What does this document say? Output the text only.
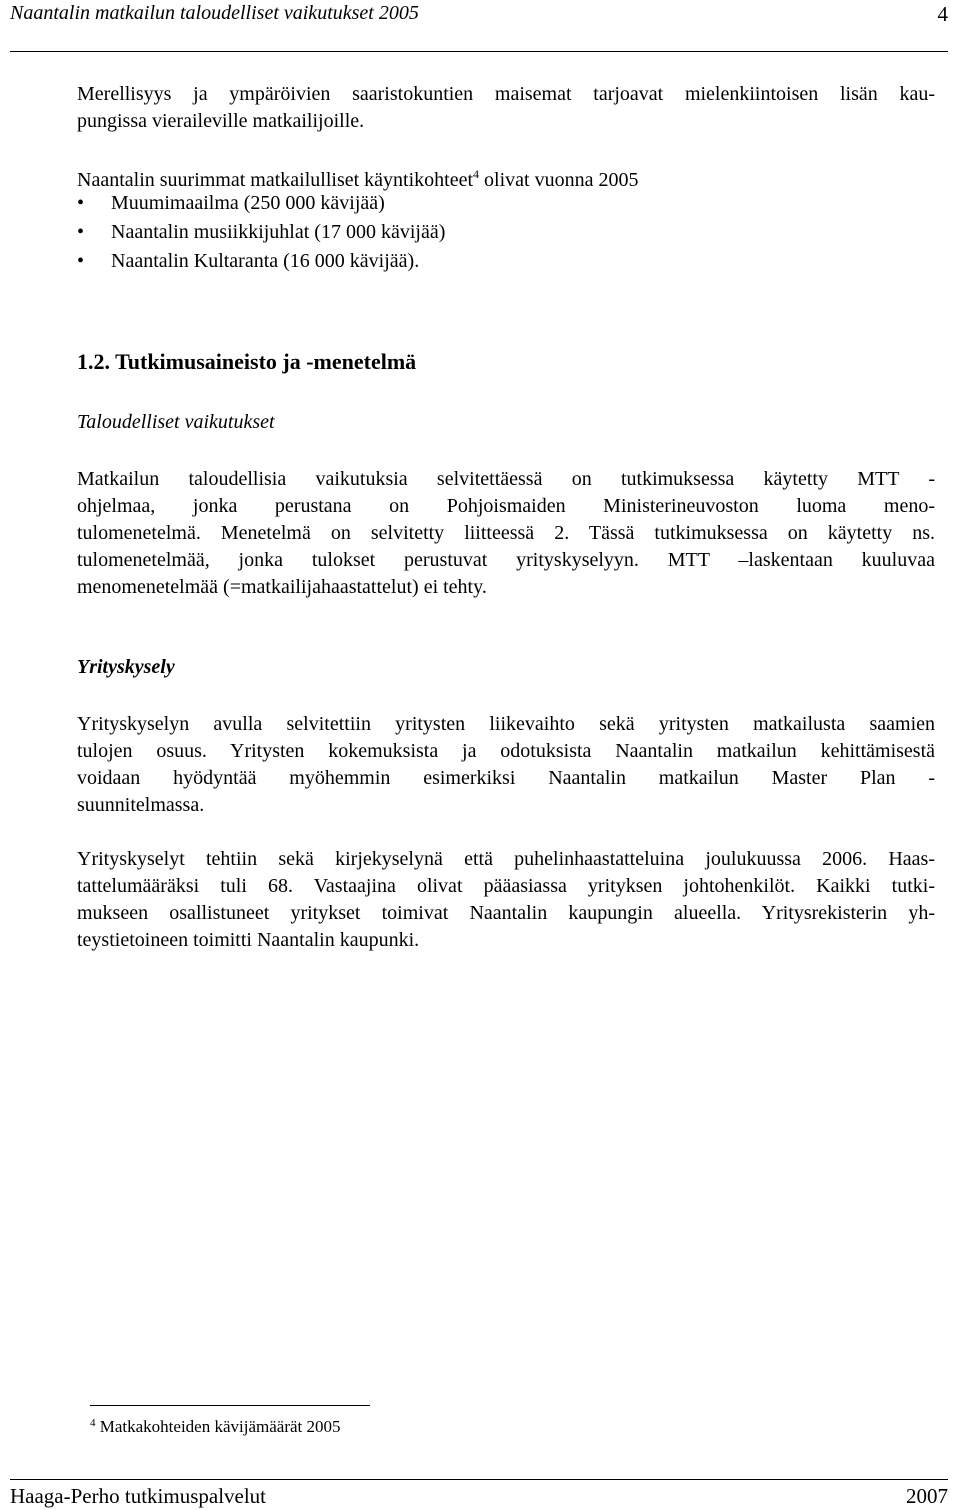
Naantalin matkailun taloudelliset vaikutukset 2005	4
Merellisyys ja ympäröivien saaristokuntien maisemat tarjoavat mielenkiintoisen lisän kau-
pungissa vieraileville matkailijoille.
Naantalin suurimmat matkailulliset käyntikohteet$^4$ olivat vuonna 2005
• Muumimaailma (250 000 kävijää)
• Naantalin musiikkijuhlat (17 000 kävijää)
• Naantalin Kultaranta (16 000 kävijää).
1.2. Tutkimusaineisto ja -menetelmä
Taloudelliset vaikutukset
Matkailun taloudellisia vaikutuksia selvitettäessä on tutkimuksessa käytetty MTT -
ohjelmaa, jonka perustana on Pohjoismaiden Ministerineuvoston luoma meno-
tulomenetelmä. Menetelmä on selvitetty liitteessä 2. Tässä tutkimuksessa on käytetty ns.
tulomenetelmää, jonka tulokset perustuvat yrityskyselyyn. MTT –laskentaan kuuluvaa
menomenetelmää (=matkailijahaastattelut) ei tehty.
Yrityskysely
Yrityskyselyn avulla selvitettiin yritysten liikevaihto sekä yritysten matkailusta saamien
tulojen osuus. Yritysten kokemuksista ja odotuksista Naantalin matkailun kehittämisestä
voidaan hyödyntää myöhemmin esimerkiksi Naantalin matkailun Master Plan -
suunnitelmassa.
Yrityskyselyt tehtiin sekä kirjekyselynä että puhelinhaastatteluina joulukuussa 2006. Haas-
tattelumääräksi tuli 68. Vastaajina olivat pääasiassa yrityksen johtohenkilöt. Kaikki tutki-
mukseen osallistuneet yritykset toimivat Naantalin kaupungin alueella. Yritysrekisterin yh-
teystietoineen toimitti Naantalin kaupunki.
$^4$ Matkakohteiden kävijämäärät 2005
Haaga-Perho tutkimuspalvelut	2007
